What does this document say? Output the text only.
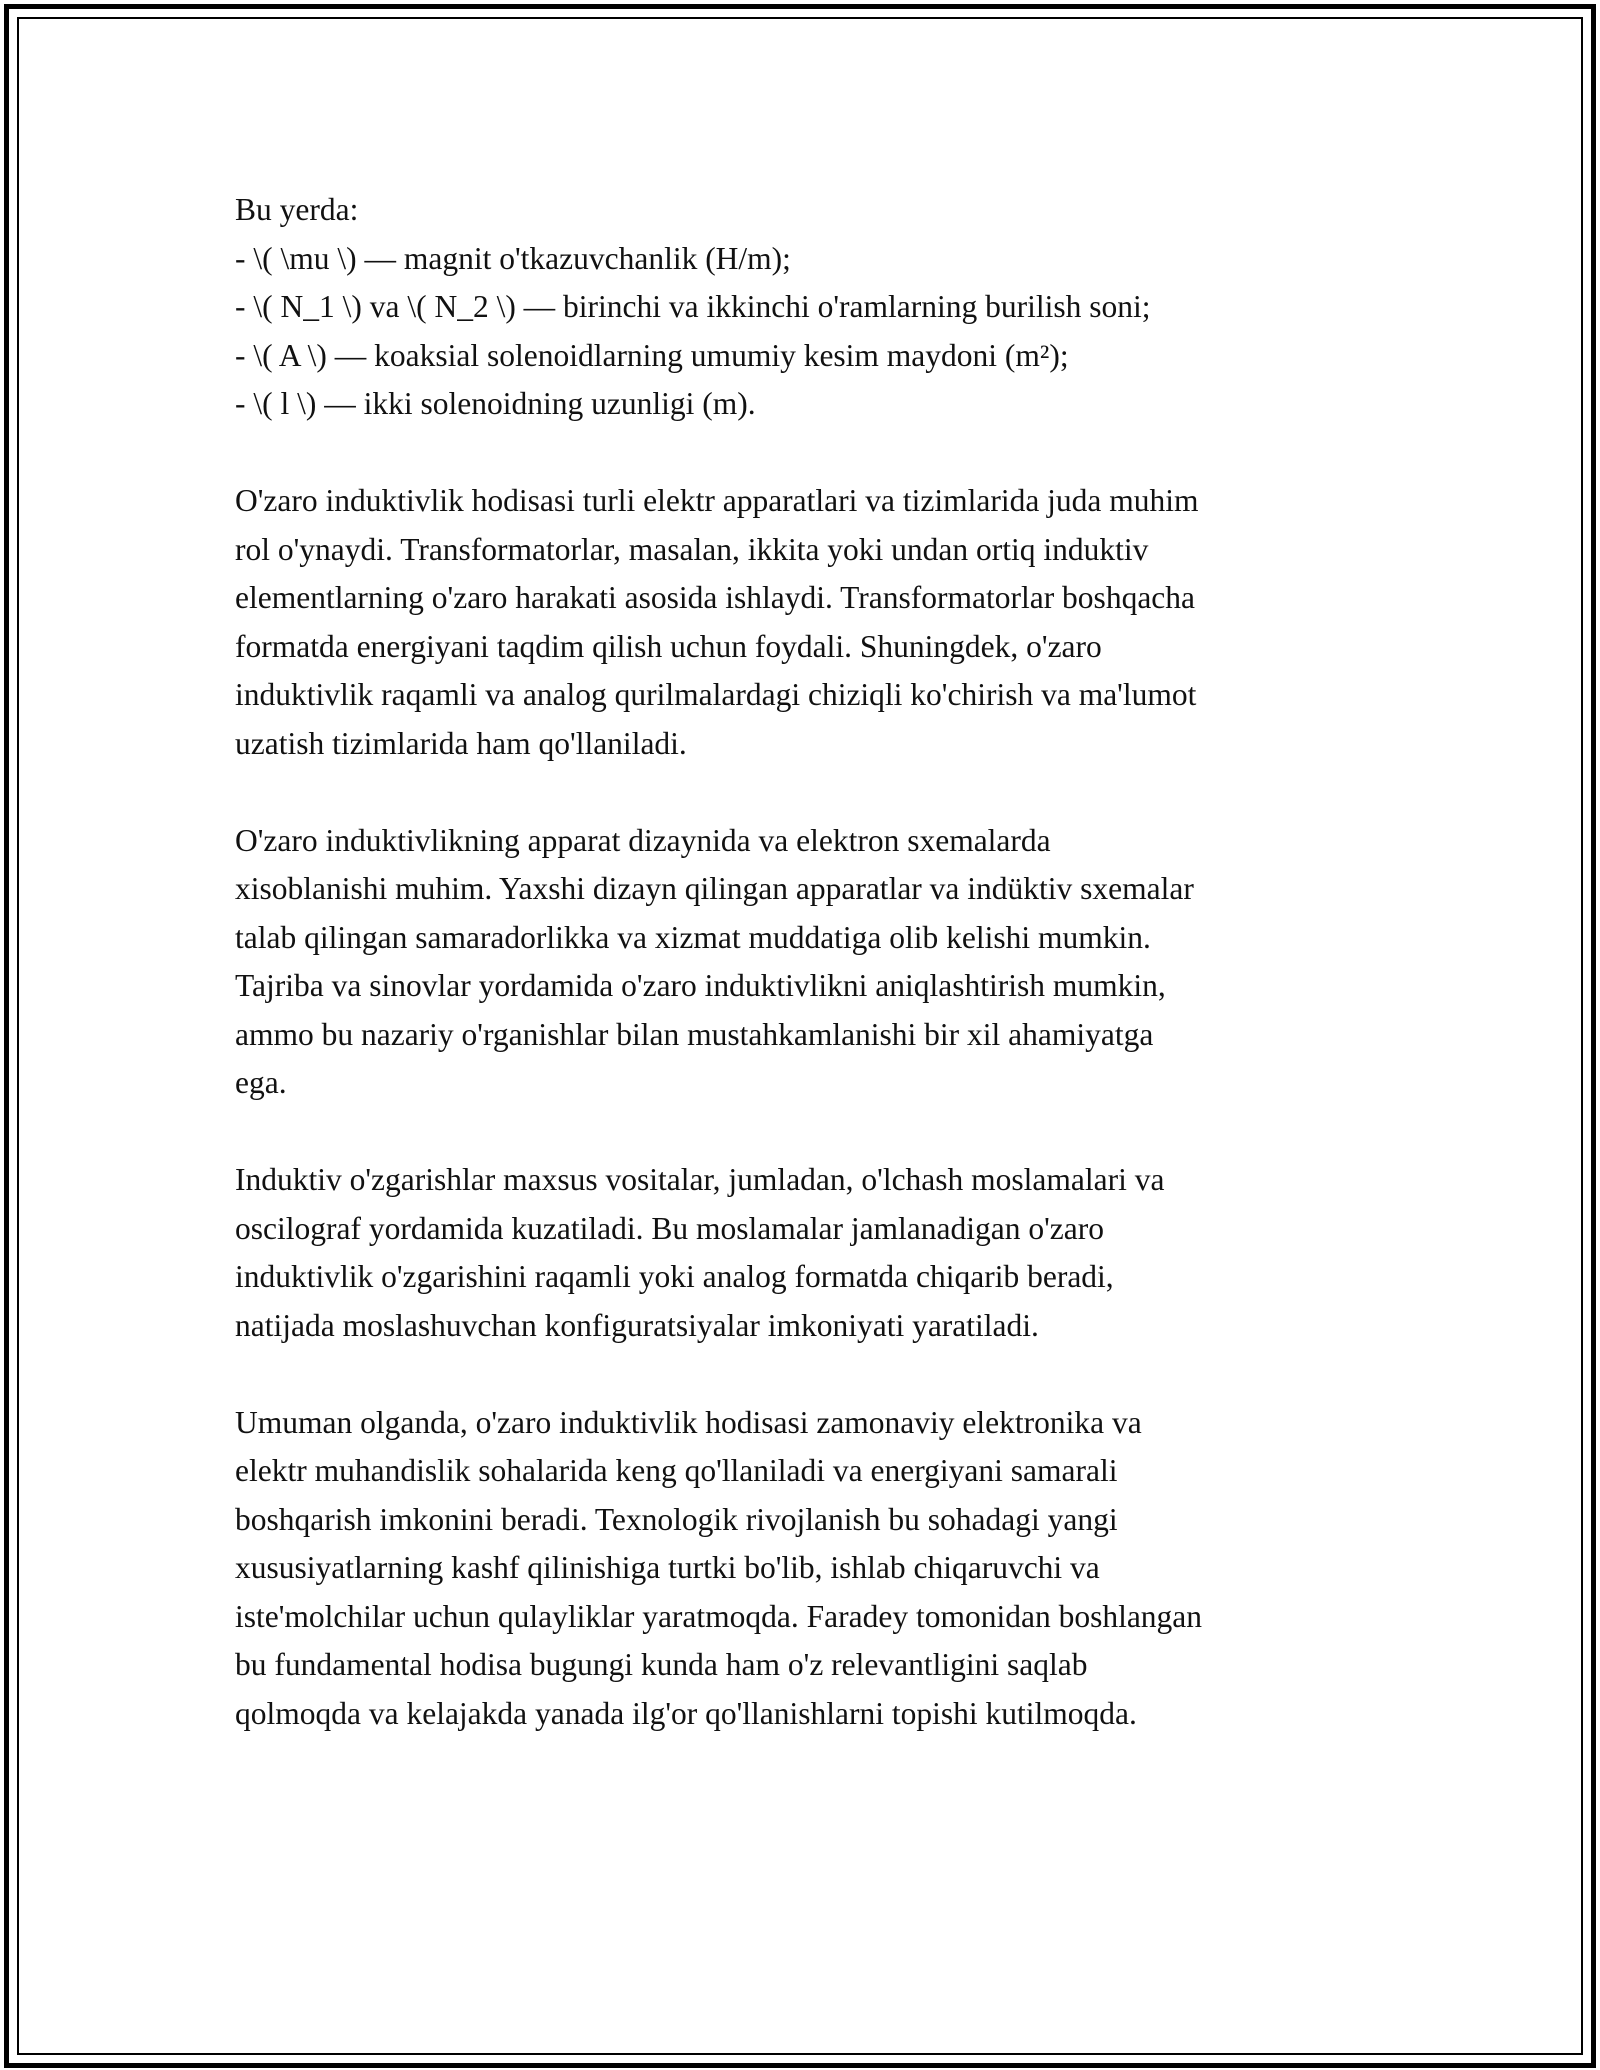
Bu yerda:
- \( \mu \) — magnit o'tkazuvchanlik (H/m);
- \( N_1 \) va \( N_2 \) — birinchi va ikkinchi o'ramlarning burilish soni;
- \( A \) — koaksial solenoidlarning umumiy kesim maydoni (m²);
- \( l \) — ikki solenoidning uzunligi (m).
O'zaro induktivlik hodisasi turli elektr apparatlari va tizimlarida juda muhim
rol o'ynaydi. Transformatorlar, masalan, ikkita yoki undan ortiq induktiv
elementlarning o'zaro harakati asosida ishlaydi. Transformatorlar boshqacha
formatda energiyani taqdim qilish uchun foydali. Shuningdek, o'zaro
induktivlik raqamli va analog qurilmalardagi chiziqli ko'chirish va ma'lumot
uzatish tizimlarida ham qo'llaniladi.
O'zaro induktivlikning apparat dizaynida va elektron sxemalarda
xisoblanishi muhim. Yaxshi dizayn qilingan apparatlar va indüktiv sxemalar
talab qilingan samaradorlikka va xizmat muddatiga olib kelishi mumkin.
Tajriba va sinovlar yordamida o'zaro induktivlikni aniqlashtirish mumkin,
ammo bu nazariy o'rganishlar bilan mustahkamlanishi bir xil ahamiyatga
ega.
Induktiv o'zgarishlar maxsus vositalar, jumladan, o'lchash moslamalari va
oscilograf yordamida kuzatiladi. Bu moslamalar jamlanadigan o'zaro
induktivlik o'zgarishini raqamli yoki analog formatda chiqarib beradi,
natijada moslashuvchan konfiguratsiyalar imkoniyati yaratiladi.
Umuman olganda, o'zaro induktivlik hodisasi zamonaviy elektronika va
elektr muhandislik sohalarida keng qo'llaniladi va energiyani samarali
boshqarish imkonini beradi. Texnologik rivojlanish bu sohadagi yangi
xususiyatlarning kashf qilinishiga turtki bo'lib, ishlab chiqaruvchi va
iste'molchilar uchun qulayliklar yaratmoqda. Faradey tomonidan boshlangan
bu fundamental hodisa bugungi kunda ham o'z relevantligini saqlab
qolmoqda va kelajakda yanada ilg'or qo'llanishlarni topishi kutilmoqda.
